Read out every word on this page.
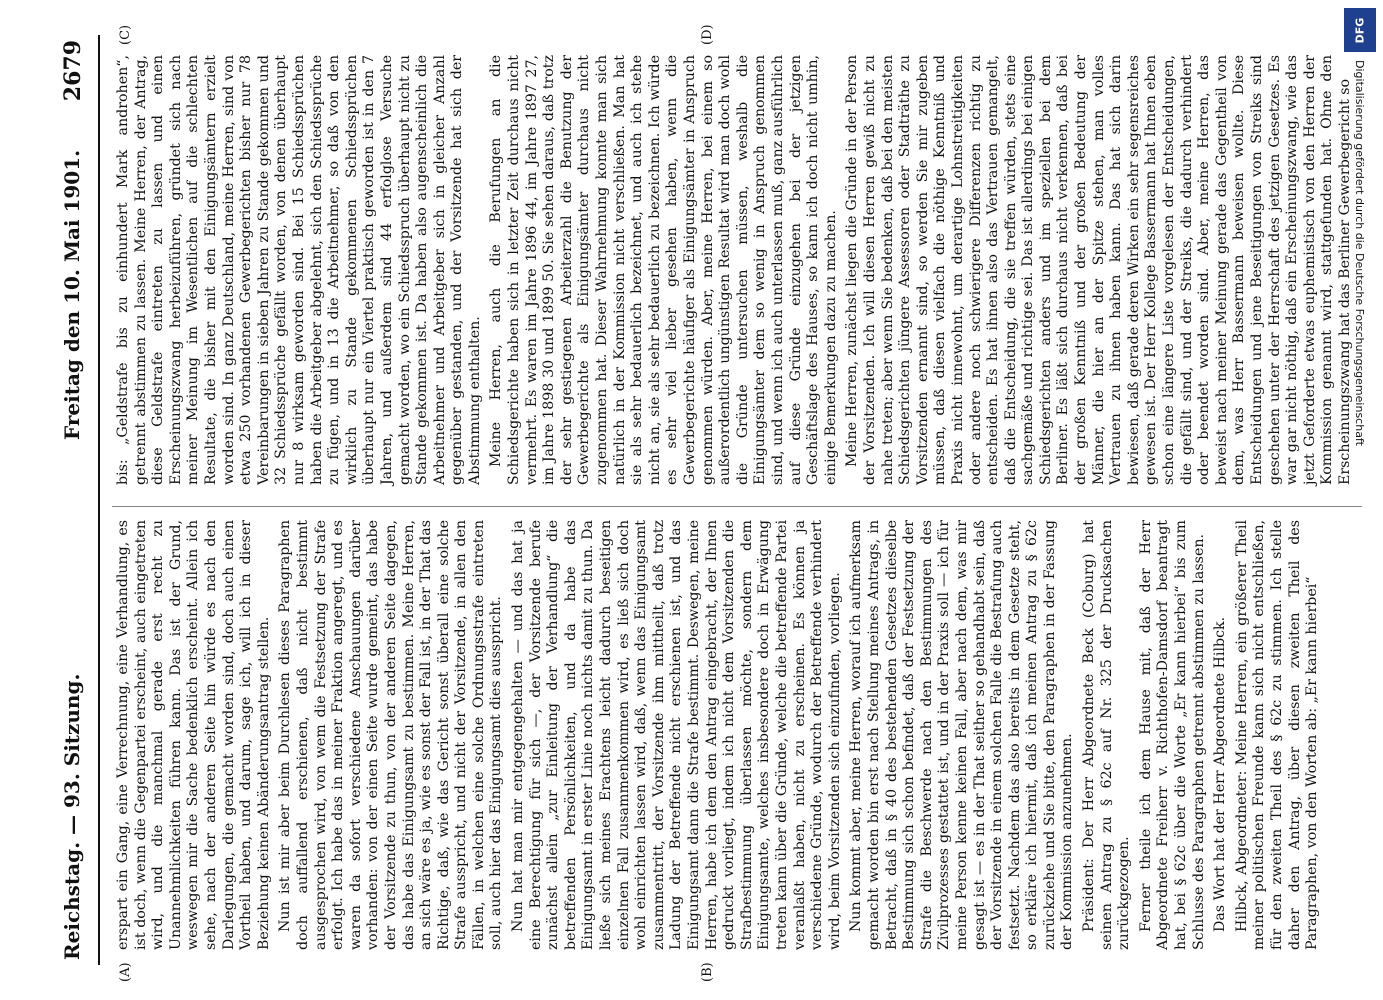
Reichstag. — 93. Sitzung.
Freitag den 10. Mai 1901.
2679
(A)	(B)
(C)	(D)

erspart ein Gang, eine Verrechnung, eine Verhandlung, es ist doch, wenn die Gegenpartei erscheint, auch eingetreten wird, und die manchmal gerade erst recht zu Unannehmlichkeiten führen kann. Das ist der Grund, weswegen mir die Sache bedenklich erscheint. Allein ich sehe, nach der anderen Seite hin würde es nach den Darlegungen, die gemacht worden sind, doch auch einen Vortheil haben, und darum, sage ich, will ich in dieser Beziehung keinen Abänderungsantrag stellen. Nun ist mir aber beim Durchlesen dieses Paragraphen doch auffallend erschienen, daß nicht bestimmt ausgesprochen wird, von wem die Festsetzung der Strafe erfolgt. Ich habe das in meiner Fraktion angeregt, und es waren da sofort verschiedene Anschauungen darüber vorhanden: von der einen Seite wurde gemeint, das habe der Vorsitzende zu thun, von der anderen Seite dagegen, das habe das Einigungsamt zu bestimmen. Meine Herren, an sich wäre es ja, wie es sonst der Fall ist, in der That das Richtige, daß, wie das Gericht sonst überall eine solche Strafe ausspricht, und nicht der Vorsitzende, in allen den Fällen, in welchen eine solche Ordnungsstrafe eintreten soll, auch hier das Einigungsamt dies ausspricht. Nun hat man mir entgegengehalten — und das hat ja eine Berechtigung für sich —, der Vorsitzende berufe zunächst allein „zur Einleitung der Verhandlung“ die betreffenden Persönlichkeiten, und da habe das Einigungsamt in erster Linie noch nichts damit zu thun. Da ließe sich meines Erachtens leicht dadurch beseitigen einzelnen Fall zusammenkommen wird, es ließ sich doch wohl einrichten lassen wird, daß, wenn das Einigungsamt zusammentritt, der Vorsitzende ihm mittheilt, daß trotz Ladung der Betreffende nicht erschienen ist, und das Einigungsamt dann die Strafe bestimmt. Deswegen, meine Herren, habe ich dem den Antrag eingebracht, der Ihnen gedruckt vorliegt, indem ich nicht dem Vorsitzenden die Strafbestimmung überlassen möchte, sondern dem Einigungsamte, welches insbesondere doch in Erwägung treten kann über die Gründe, welche die betreffende Partei veranlaßt haben, nicht zu erscheinen. Es können ja verschiedene Gründe, wodurch der Betreffende verhindert wird, beim Vorsitzenden sich einzufinden, vorliegen. Nun kommt aber, meine Herren, worauf ich aufmerksam gemacht worden bin erst nach Stellung meines Antrags, in Betracht, daß in § 40 des bestehenden Gesetzes dieselbe Bestimmung sich schon befindet, daß der Festsetzung der Strafe die Beschwerde nach den Bestimmungen des Zivilprozesses gestattet ist, und in der Praxis soll — ich für meine Person kenne keinen Fall, aber nach dem, was mir gesagt ist — es in der That seither so gehandhabt sein, daß der Vorsitzende in einem solchen Falle die Bestrafung auch festsetzt. Nachdem das also bereits in dem Gesetze steht, so erkläre ich hiermit, daß ich meinen Antrag zu § 62c zurückziehe und Sie bitte, den Paragraphen in der Fassung der Kommission anzunehmen. Präsident: Der Herr Abgeordnete Beck (Coburg) hat seinen Antrag zu § 62c auf Nr. 325 der Drucksachen zurückgezogen. Ferner theile ich dem Hause mit, daß der Herr Abgeordnete Freiherr v. Richthofen-Damsdorf beantragt hat, bei § 62c über die Worte „Er kann hierbei“ bis zum Schlusse des Paragraphen getrennt abstimmen zu lassen. Das Wort hat der Herr Abgeordnete Hilbck. Hilbck, Abgeordneter: Meine Herren, ein größerer Theil meiner politischen Freunde kann sich nicht entschließen, für den zweiten Theil des § 62c zu stimmen. Ich stelle daher den Antrag, über diesen zweiten Theil des Paragraphen, von den Worten ab: „Er kann hierbei“

bis: „Geldstrafe bis zu einhundert Mark androhen“, getrennt abstimmen zu lassen. Meine Herren, der Antrag, diese Geldstrafe eintreten zu lassen und einen Erscheinungszwang herbeizuführen, gründet sich nach meiner Meinung im Wesentlichen auf die schlechten Resultate, die bisher mit den Einigungsämtern erzielt worden sind. In ganz Deutschland, meine Herren, sind von etwa 250 vorhandenen Gewerbegerichten bisher nur 78 Vereinbarungen in sieben Jahren zu Stande gekommen und 32 Schiedssprüche gefällt worden, von denen überhaupt nur 8 wirksam geworden sind. Bei 15 Schiedssprüchen haben die Arbeitgeber abgelehnt, sich den Schiedssprüche zu fügen, und in 13 die Arbeitnehmer, so daß von den wirklich zu Stande gekommenen Schiedssprüchen überhaupt nur ein Viertel praktisch geworden ist in den 7 Jahren, und außerdem sind 44 erfolglose Versuche gemacht worden, wo ein Schiedsspruch überhaupt nicht zu Stande gekommen ist. Da haben also augenscheinlich die Arbeitnehmer und Arbeitgeber sich in gleicher Anzahl gegenüber gestanden, und der Vorsitzende hat sich der Abstimmung enthalten. Meine Herren, auch die Berufungen an die Schiedsgerichte haben sich in letzter Zeit durchaus nicht vermehrt. Es waren im Jahre 1896 44, im Jahre 1897 27, im Jahre 1898 30 und 1899 50. Sie sehen daraus, daß trotz der sehr gestiegenen Arbeiterzahl die Benutzung der Gewerbegerichte als Einigungsämter durchaus nicht zugenommen hat. Dieser Wahrnehmung konnte man sich natürlich in der Kommission nicht verschließen. Man hat sie als sehr bedauerlich bezeichnet, und auch ich stehe nicht an, sie als sehr bedauerlich zu bezeichnen. Ich würde es sehr viel lieber gesehen haben, wenn die Gewerbegerichte häufiger als Einigungsämter in Anspruch genommen würden. Aber, meine Herren, bei einem so außerordentlich ungünstigen Resultat wird man doch wohl die Gründe untersuchen müssen, weshalb die Einigungsämter dem so wenig in Anspruch genommen sind, und wenn ich auch unterlassen muß, ganz ausführlich auf diese Gründe einzugehen bei der jetzigen Geschäftslage des Hauses, so kann ich doch nicht umhin, einige Bemerkungen dazu zu machen. Meine Herren, zunächst liegen die Gründe in der Person der Vorsitzenden. Ich will diesen Herren gewiß nicht zu nahe treten; aber wenn Sie bedenken, daß bei den meisten Schiedsgerichten jüngere Assessoren oder Stadträthe zu Vorsitzenden ernannt sind, so werden Sie mir zugeben müssen, daß diesen vielfach die nöthige Kenntniß und Praxis nicht innewohnt, um derartige Lohnstreitigkeiten oder andere noch schwierigere Differenzen richtig zu entscheiden. Es hat ihnen also das Vertrauen gemangelt, daß die Entscheidung, die sie treffen würden, stets eine sachgemäße und richtige sei. Das ist allerdings bei einigen Schiedsgerichten anders und im speziellen bei dem Berliner. Es läßt sich durchaus nicht verkennen, daß bei der großen Kenntniß und der großen Bedeutung der Männer, die hier an der Spitze stehen, man volles Vertrauen zu ihnen haben kann. Das hat sich darin bewiesen, daß gerade deren Wirken ein sehr segensreiches gewesen ist. Der Herr Kollege Bassermann hat Ihnen eben schon eine längere Liste vorgelesen der Entscheidungen, die gefällt sind, und der Streiks, die dadurch verhindert oder beendet worden sind. Aber, meine Herren, das beweist nach meiner Meinung gerade das Gegentheil von dem, was Herr Bassermann beweisen wollte. Diese Entscheidungen und jene Beseitigungen von Streiks sind geschehen unter der Herrschaft des jetzigen Gesetzes. Es war gar nicht nöthig, daß ein Erscheinungszwang, wie das jetzt Geforderte etwas euphemistisch von den Herren der Kommission genannt wird, stattgefunden hat. Ohne den Erscheinungszwang hat das Berliner Gewerbegericht so

DFG
Digitalisierung gefördert durch die Deutsche Forschungsgemeinschaft
